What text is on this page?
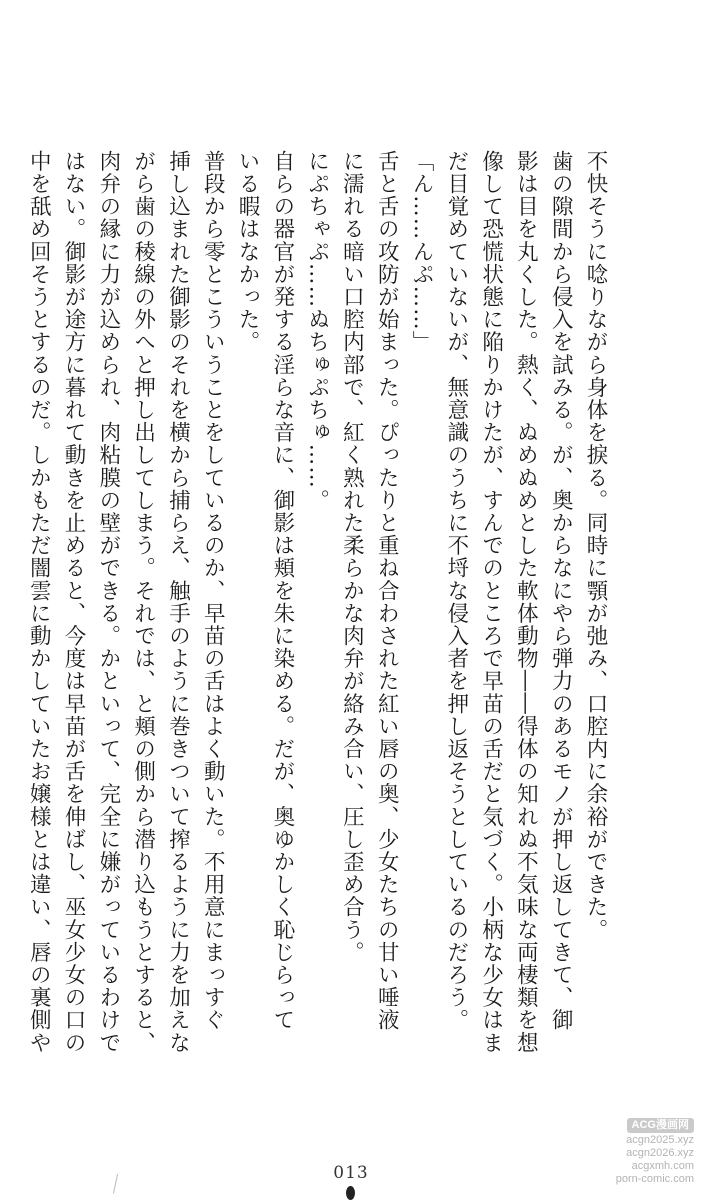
不快そうに唸りながら身体を捩る。同時に顎が弛み、口腔内に余裕ができた。
歯の隙間から侵入を試みる。が、奥からなにやら弾力のあるモノが押し返してきて、御
影は目を丸くした。熱く、ぬめぬめとした軟体動物――得体の知れぬ不気味な両棲類を想
像して恐慌状態に陥りかけたが、すんでのところで早苗の舌だと気づく。小柄な少女はま
だ目覚めていないが、無意識のうちに不埒な侵入者を押し返そうとしているのだろう。
「ん……んぷ……」
舌と舌の攻防が始まった。ぴったりと重ね合わされた紅い唇の奥、少女たちの甘い唾液
に濡れる暗い口腔内部で、紅く熟れた柔らかな肉弁が絡み合い、圧し歪め合う。
にぷちゃぷ……ぬちゅぷちゅ……。
自らの器官が発する淫らな音に、御影は頬を朱に染める。だが、奥ゆかしく恥じらって
いる暇はなかった。
普段から零とこういうことをしているのか、早苗の舌はよく動いた。不用意にまっすぐ
挿し込まれた御影のそれを横から捕らえ、触手のように巻きついて搾るように力を加えな
がら歯の稜線の外へと押し出してしまう。それでは、と頬の側から潜り込もうとすると、
肉弁の縁に力が込められ、肉粘膜の壁ができる。かといって、完全に嫌がっているわけで
はない。御影が途方に暮れて動きを止めると、今度は早苗が舌を伸ばし、巫女少女の口の
中を舐め回そうとするのだ。しかもただ闇雲に動かしていたお嬢様とは違い、唇の裏側や
013
ACG漫画网
acgn2025.xyz
acgn2026.xyz
acgxmh.com
porn-comic.com
